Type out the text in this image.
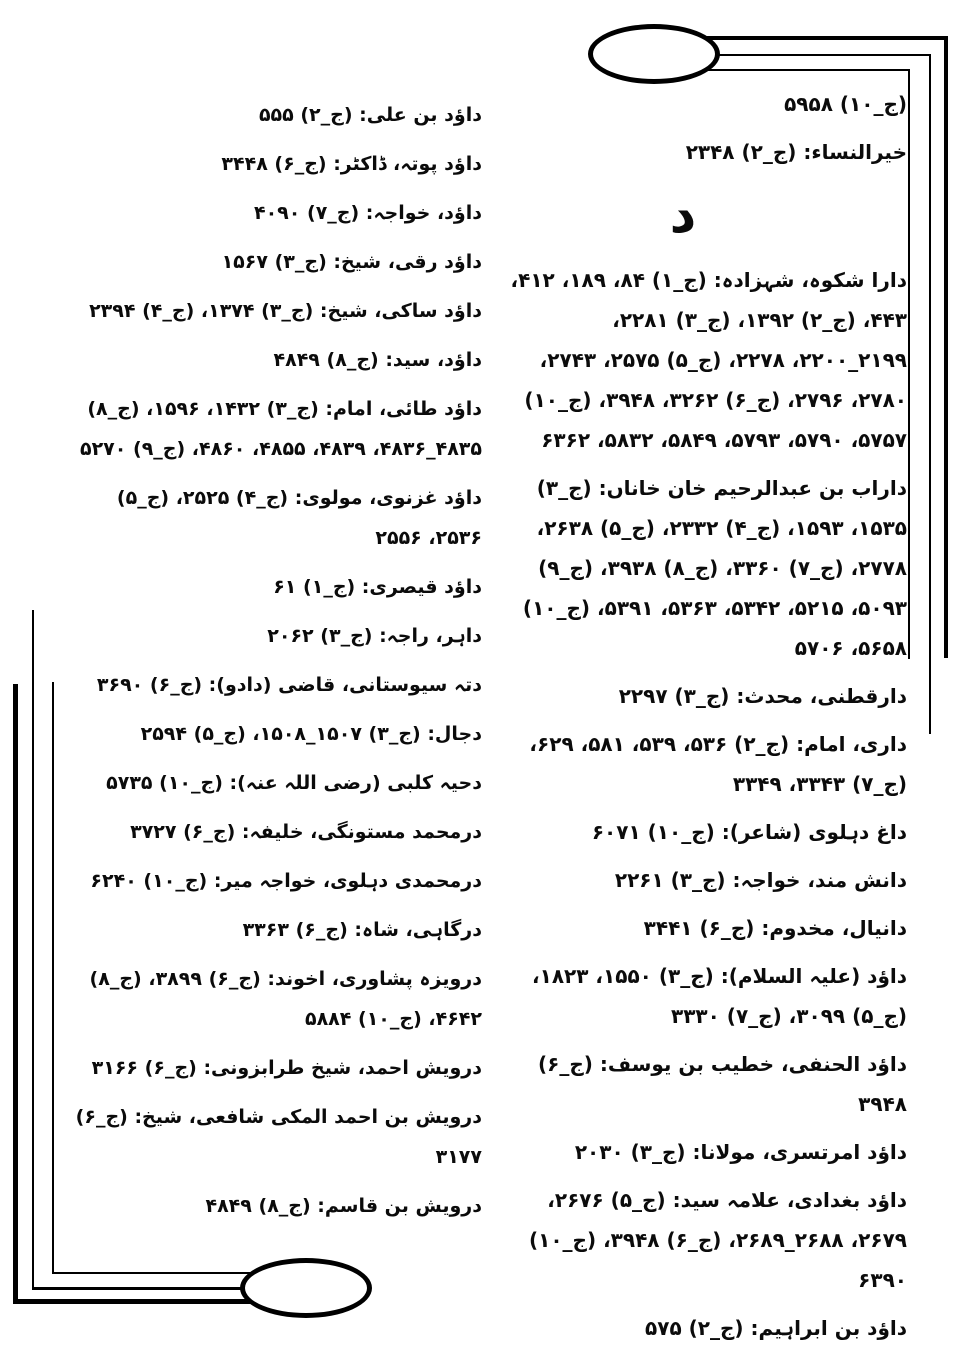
(ج_۱۰) ۵۹۵۸
خیرالنساء: (ج_۲) ۲۳۴۸
د
دارا شکوہ، شہزادہ: (ج_۱) ۸۴، ۱۸۹، ۴۱۲، ۴۴۳، (ج_۲) ۱۳۹۲، (ج_۳) ۲۲۸۱، ۲۱۹۹_۲۲۰۰، ۲۲۷۸، (ج_۵) ۲۵۷۵، ۲۷۴۳، ۲۷۸۰، ۲۷۹۶، (ج_۶) ۳۲۶۲، ۳۹۴۸، (ج_۱۰) ۵۷۵۷، ۵۷۹۰، ۵۷۹۳، ۵۸۴۹، ۵۸۳۲، ۶۳۶۲
داراب بن عبدالرحیم خان خاناں: (ج_۳) ۱۵۳۵، ۱۵۹۳، (ج_۴) ۲۳۳۲، (ج_۵) ۲۶۳۸، ۲۷۷۸، (ج_۷) ۳۳۶۰، (ج_۸) ۳۹۳۸، (ج_۹) ۵۰۹۳، ۵۲۱۵، ۵۳۴۲، ۵۳۶۳، ۵۳۹۱، (ج_۱۰) ۵۶۵۸، ۵۷۰۶
دارقطنی، محدث: (ج_۳) ۲۲۹۷
داری، امام: (ج_۲) ۵۳۶، ۵۳۹، ۵۸۱، ۶۲۹، (ج_۷) ۳۳۴۳، ۳۳۴۹
داغ دہلوی (شاعر): (ج_۱۰) ۶۰۷۱
دانش مند، خواجہ: (ج_۳) ۲۲۶۱
دانیال، مخدوم: (ج_۶) ۳۴۴۱
داؤد (علیہ السلام): (ج_۳) ۱۵۵۰، ۱۸۲۳، (ج_۵) ۳۰۹۹، (ج_۷) ۳۳۳۰
داؤد الحنفی، خطیب بن یوسف: (ج_۶) ۳۹۴۸
داؤد امرتسری، مولانا: (ج_۳) ۲۰۳۰
داؤد بغدادی، علامہ سید: (ج_۵) ۲۶۷۶، ۲۶۷۹، ۲۶۸۸_۲۶۸۹، (ج_۶) ۳۹۴۸، (ج_۱۰) ۶۳۹۰
داؤد بن ابراہیم: (ج_۲) ۵۷۵
داؤد بن علی: (ج_۲) ۵۵۵
داؤد پوتہ، ڈاکٹر: (ج_۶) ۳۴۴۸
داؤد، خواجہ: (ج_۷) ۴۰۹۰
داؤد رقی، شیخ: (ج_۳) ۱۵۶۷
داؤد ساکی، شیخ: (ج_۳) ۱۳۷۴، (ج_۴) ۲۳۹۴
داؤد، سید: (ج_۸) ۴۸۴۹
داؤد طائی، امام: (ج_۳) ۱۴۳۲، ۱۵۹۶، (ج_۸) ۴۸۳۵_۴۸۳۶، ۴۸۳۹، ۴۸۵۵، ۴۸۶۰، (ج_۹) ۵۲۷۰
داؤد غزنوی، مولوی: (ج_۴) ۲۵۲۵، (ج_۵) ۲۵۳۶، ۲۵۵۶
داؤد قیصری: (ج_۱) ۶۱
داہر، راجہ: (ج_۳) ۲۰۶۲
دتہ سیوستانی، قاضی (دادو): (ج_۶) ۳۶۹۰
دجال: (ج_۳) ۱۵۰۷_۱۵۰۸، (ج_۵) ۲۵۹۴
دحیہ کلبی (رضی اللہ عنہ): (ج_۱۰) ۵۷۳۵
درمحمد مستونگی، خلیفہ: (ج_۶) ۳۷۲۷
درمحمدی دہلوی، خواجہ میر: (ج_۱۰) ۶۲۴۰
درگاہی، شاہ: (ج_۶) ۳۳۶۳
درویزہ پشاوری، اخوند: (ج_۶) ۳۸۹۹، (ج_۸) ۴۶۴۲، (ج_۱۰) ۵۸۸۴
درویش احمد، شیخ طرابزونی: (ج_۶) ۳۱۶۶
درویش بن احمد المکی شافعی، شیخ: (ج_۶) ۳۱۷۷
درویش بن قاسم: (ج_۸) ۴۸۴۹
